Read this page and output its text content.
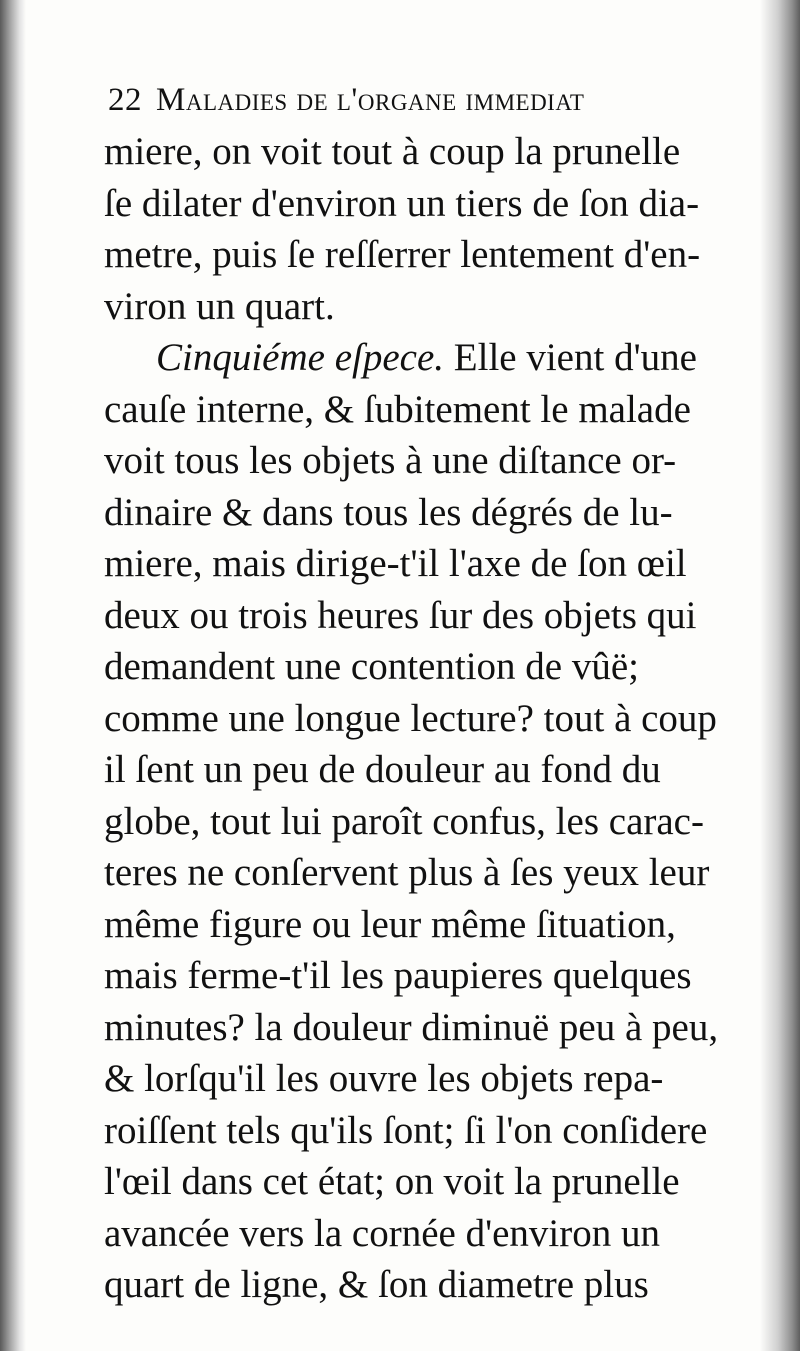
22 Maladies de l'organe immediat
miere, on voit tout à coup la prunelle
ſe dilater d'environ un tiers de ſon dia-
metre, puis ſe reſſerrer lentement d'en-
viron un quart.
Cinquiéme eſpece. Elle vient d'une
cauſe interne, & ſubitement le malade
voit tous les objets à une diſtance or-
dinaire & dans tous les dégrés de lu-
miere, mais dirige-t'il l'axe de ſon œil
deux ou trois heures ſur des objets qui
demandent une contention de vûë;
comme une longue lecture? tout à coup
il ſent un peu de douleur au fond du
globe, tout lui paroît confus, les carac-
teres ne conſervent plus à ſes yeux leur
même figure ou leur même ſituation,
mais ferme-t'il les paupieres quelques
minutes? la douleur diminuë peu à peu,
& lorſqu'il les ouvre les objets repa-
roiſſent tels qu'ils ſont; ſi l'on conſidere
l'œil dans cet état; on voit la prunelle
avancée vers la cornée d'environ un
quart de ligne, & ſon diametre plus
